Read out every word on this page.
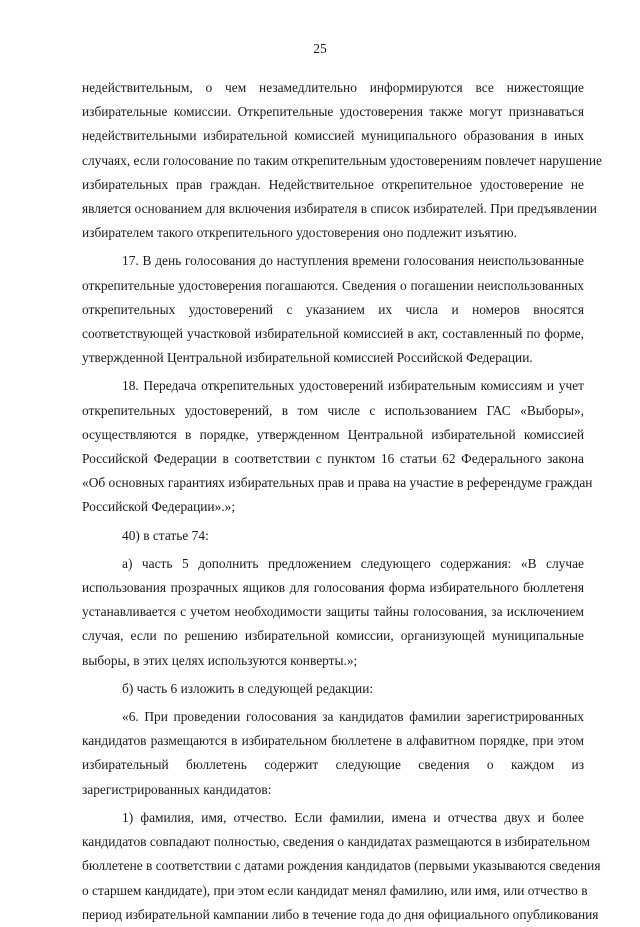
25
недействительным, о чем незамедлительно информируются все нижестоящие
избирательные комиссии. Открепительные удостоверения также могут признаваться
недействительными избирательной комиссией муниципального образования в иных
случаях, если голосование по таким открепительным удостоверениям повлечет нарушение
избирательных прав граждан. Недействительное открепительное удостоверение не
является основанием для включения избирателя в список избирателей. При предъявлении
избирателем такого открепительного удостоверения оно подлежит изъятию.
17. В день голосования до наступления времени голосования неиспользованные
открепительные удостоверения погашаются. Сведения о погашении неиспользованных
открепительных удостоверений с указанием их числа и номеров вносятся
соответствующей участковой избирательной комиссией в акт, составленный по форме,
утвержденной Центральной избирательной комиссией Российской Федерации.
18. Передача открепительных удостоверений избирательным комиссиям и учет
открепительных удостоверений, в том числе с использованием ГАС «Выборы»,
осуществляются в порядке, утвержденном Центральной избирательной комиссией
Российской Федерации в соответствии с пунктом 16 статьи 62 Федерального закона
«Об основных гарантиях избирательных прав и права на участие в референдуме граждан
Российской Федерации».»;
40) в статье 74:
а) часть 5 дополнить предложением следующего содержания: «В случае
использования прозрачных ящиков для голосования форма избирательного бюллетеня
устанавливается с учетом необходимости защиты тайны голосования, за исключением
случая, если по решению избирательной комиссии, организующей муниципальные
выборы, в этих целях используются конверты.»;
б) часть 6 изложить в следующей редакции:
«6. При проведении голосования за кандидатов фамилии зарегистрированных
кандидатов размещаются в избирательном бюллетене в алфавитном порядке, при этом
избирательный бюллетень содержит следующие сведения о каждом из
зарегистрированных кандидатов:
1) фамилия, имя, отчество. Если фамилии, имена и отчества двух и более
кандидатов совпадают полностью, сведения о кандидатах размещаются в избирательном
бюллетене в соответствии с датами рождения кандидатов (первыми указываются сведения
о старшем кандидате), при этом если кандидат менял фамилию, или имя, или отчество в
период избирательной кампании либо в течение года до дня официального опубликования
